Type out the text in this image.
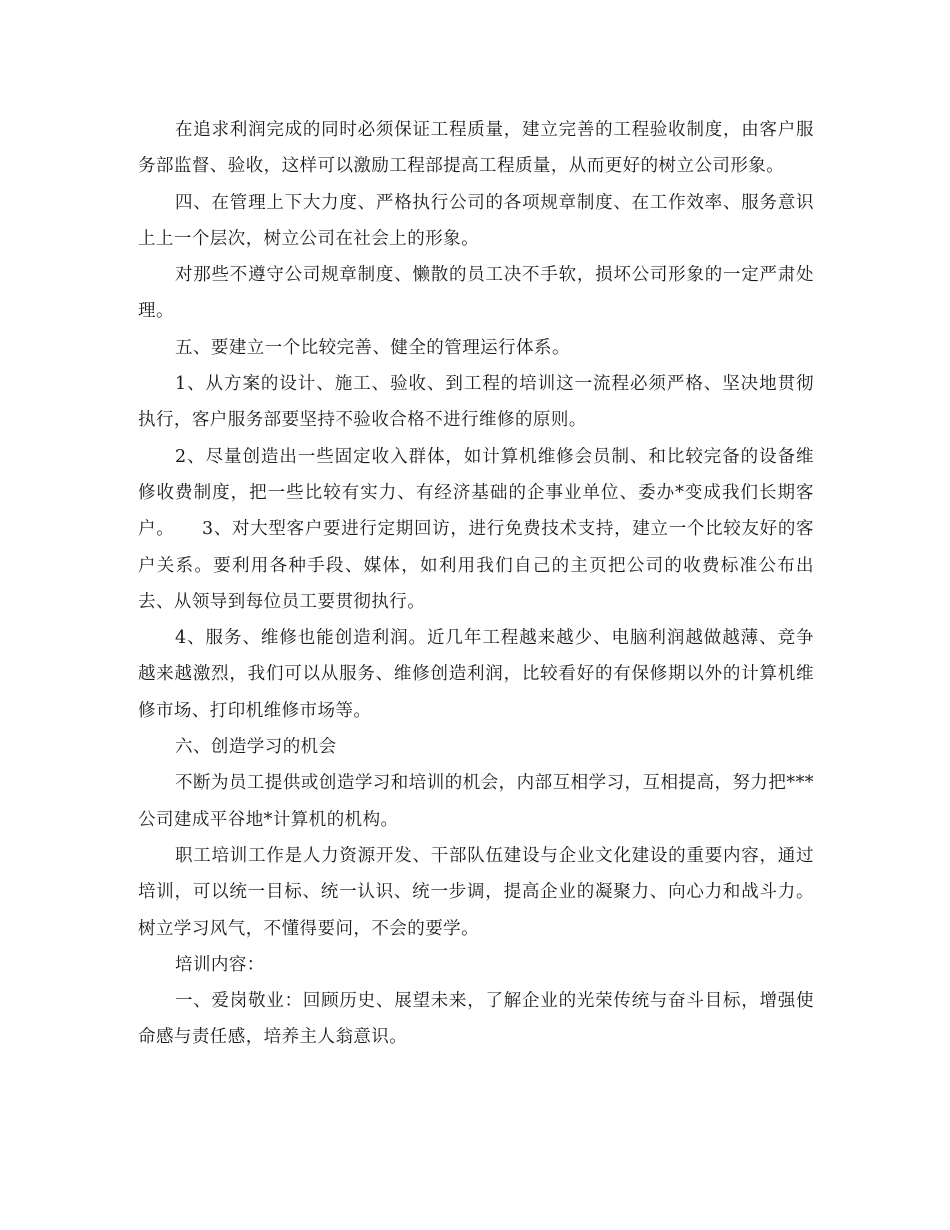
在追求利润完成的同时必须保证工程质量，建立完善的工程验收制度，由客户服务部监督、验收，这样可以激励工程部提高工程质量，从而更好的树立公司形象。

四、在管理上下大力度、严格执行公司的各项规章制度、在工作效率、服务意识上上一个层次，树立公司在社会上的形象。

对那些不遵守公司规章制度、懒散的员工决不手软，损坏公司形象的一定严肃处理。

五、要建立一个比较完善、健全的管理运行体系。

1、从方案的设计、施工、验收、到工程的培训这一流程必须严格、坚决地贯彻执行，客户服务部要坚持不验收合格不进行维修的原则。

2、尽量创造出一些固定收入群体，如计算机维修会员制、和比较完备的设备维修收费制度，把一些比较有实力、有经济基础的企事业单位、委办*变成我们长期客户。　　3、对大型客户要进行定期回访，进行免费技术支持，建立一个比较友好的客户关系。要利用各种手段、媒体，如利用我们自己的主页把公司的收费标准公布出去、从领导到每位员工要贯彻执行。

4、服务、维修也能创造利润。近几年工程越来越少、电脑利润越做越薄、竞争越来越激烈，我们可以从服务、维修创造利润，比较看好的有保修期以外的计算机维修市场、打印机维修市场等。

六、创造学习的机会

不断为员工提供或创造学习和培训的机会，内部互相学习，互相提高，努力把***公司建成平谷地*计算机的机构。

职工培训工作是人力资源开发、干部队伍建设与企业文化建设的重要内容，通过培训，可以统一目标、统一认识、统一步调，提高企业的凝聚力、向心力和战斗力。树立学习风气，不懂得要问，不会的要学。

培训内容：

一、爱岗敬业：回顾历史、展望未来，了解企业的光荣传统与奋斗目标，增强使命感与责任感，培养主人翁意识。
